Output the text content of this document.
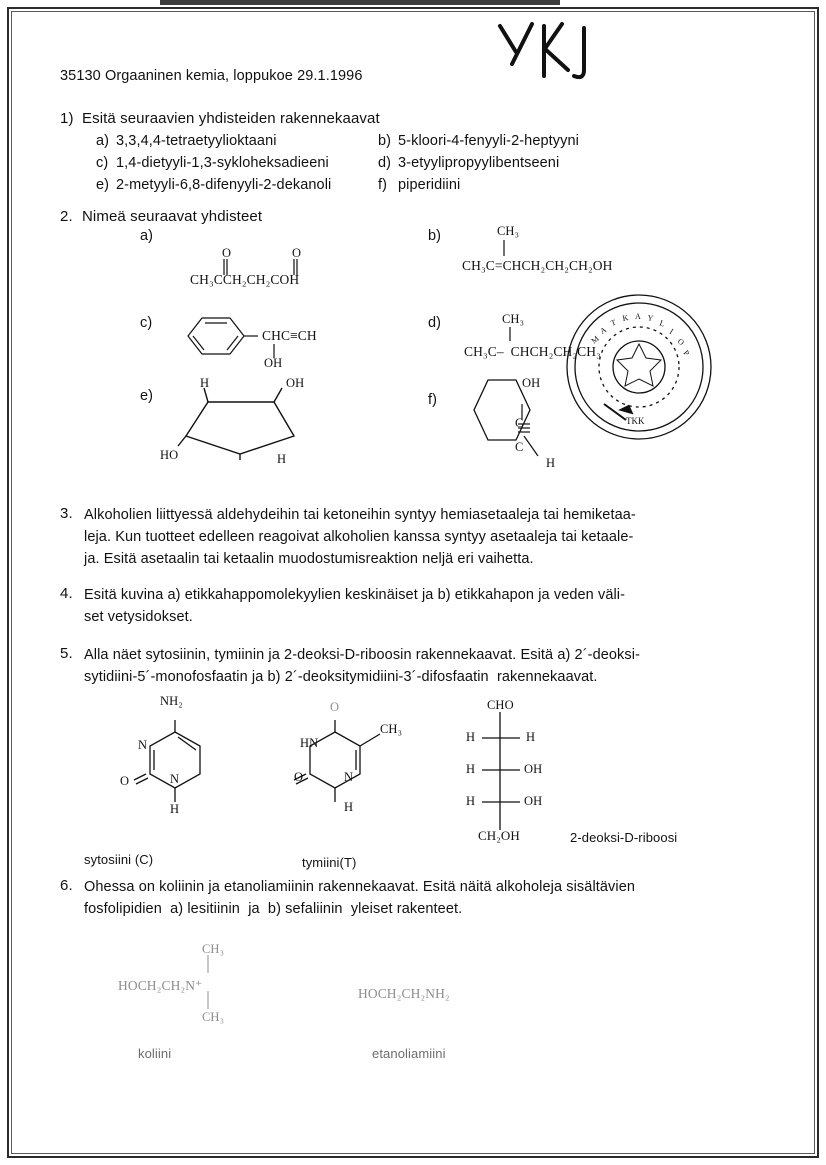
35130 Orgaaninen kemia, loppukoe 29.1.1996
1) Esitä seuraavien yhdisteiden rakennekaavat
a) 3,3,4,4-tetraetyylioktaani	b) 5-kloori-4-fenyyli-2-heptyyni
c) 1,4-dietyyli-1,3-sykloheksadieeni	d) 3-etyylipropyylibentseeni
e) 2-metyyli-6,8-difenyyli-2-dekanoli	f) piperidiini
2. Nimeä seuraavat yhdisteet
a)
O	O
CH₃CCH₂CH₂COH
b)	CH₃
CH₃C=CHCH₂CH₂CH₂OH
c)
CHC≡CH
OH
d)	CH₃
CH₃C–  CHCH₂CH₂CH₃
e)
H	OH
HO	H
f)
OH
C
C
H
M
A
T K A Y
L
I
O
P
TKK
3. Alkoholien liittyessä aldehydeihin tai ketoneihin syntyy hemiasetaaleja tai hemiketaa-
leja. Kun tuotteet edelleen reagoivat alkoholien kanssa syntyy asetaaleja tai ketaale-
ja. Esitä asetaalin tai ketaalin muodostumisreaktion neljä eri vaihetta.
4. Esitä kuvina a) etikkahappomolekyylien keskinäiset ja b) etikkahapon ja veden väli-
set vetysidokset.
5. Alla näet sytosiinin, tymiinin ja 2-deoksi-D-riboosin rakennekaavat. Esitä a) 2´-deoksi-
sytidiini-5´-monofosfaatin ja b) 2´-deoksitymidiini-3´-difosfaatin  rakennekaavat.
NH₂
N
O	N
H
sytosiini (C)
O
HN
CH₃
O	N
H
tymiini(T)
CHO
H	H
H	OH
H	OH
CH₂OH	2-deoksi-D-riboosi
6. Ohessa on koliinin ja etanoliamiinin rakennekaavat. Esitä näitä alkoholeja sisältävien
fosfolipidien  a) lesitiinin  ja  b) sefaliinin  yleiset rakenteet.
CH₃
HOCH₂CH₂N⁺
CH₃
koliini
HOCH₂CH₂NH₂
etanoliamiini
